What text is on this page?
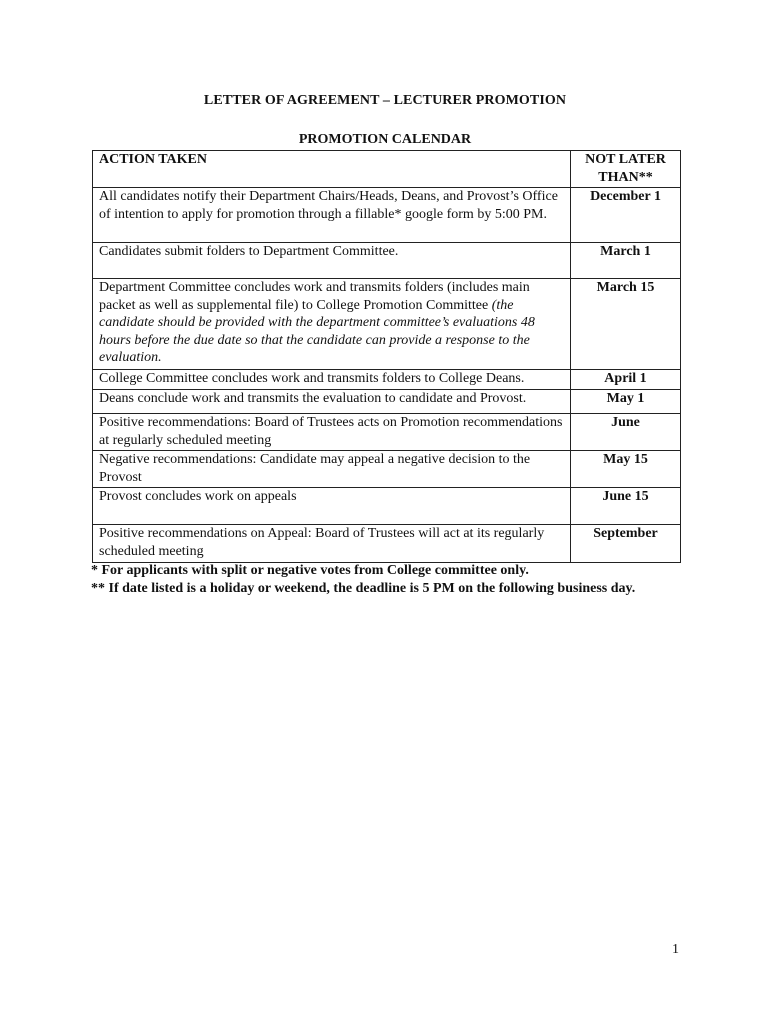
LETTER OF AGREEMENT – LECTURER PROMOTION
PROMOTION CALENDAR
ACTION TAKEN	NOT LATER THAN**
All candidates notify their Department Chairs/Heads, Deans, and Provost’s Office of intention to apply for promotion through a fillable* google form by 5:00 PM.	December 1
Candidates submit folders to Department Committee.	March 1
Department Committee concludes work and transmits folders (includes main packet as well as supplemental file) to College Promotion Committee (the candidate should be provided with the department committee’s evaluations 48 hours before the due date so that the candidate can provide a response to the evaluation.	March 15
College Committee concludes work and transmits folders to College Deans.	April 1
Deans conclude work and transmits the evaluation to candidate and Provost.	May 1
Positive recommendations: Board of Trustees acts on Promotion recommendations at regularly scheduled meeting	June
Negative recommendations: Candidate may appeal a negative decision to the Provost	May 15
Provost concludes work on appeals	June 15
Positive recommendations on Appeal: Board of Trustees will act at its regularly scheduled meeting	September
* For applicants with split or negative votes from College committee only.
** If date listed is a holiday or weekend, the deadline is 5 PM on the following business day.
1
